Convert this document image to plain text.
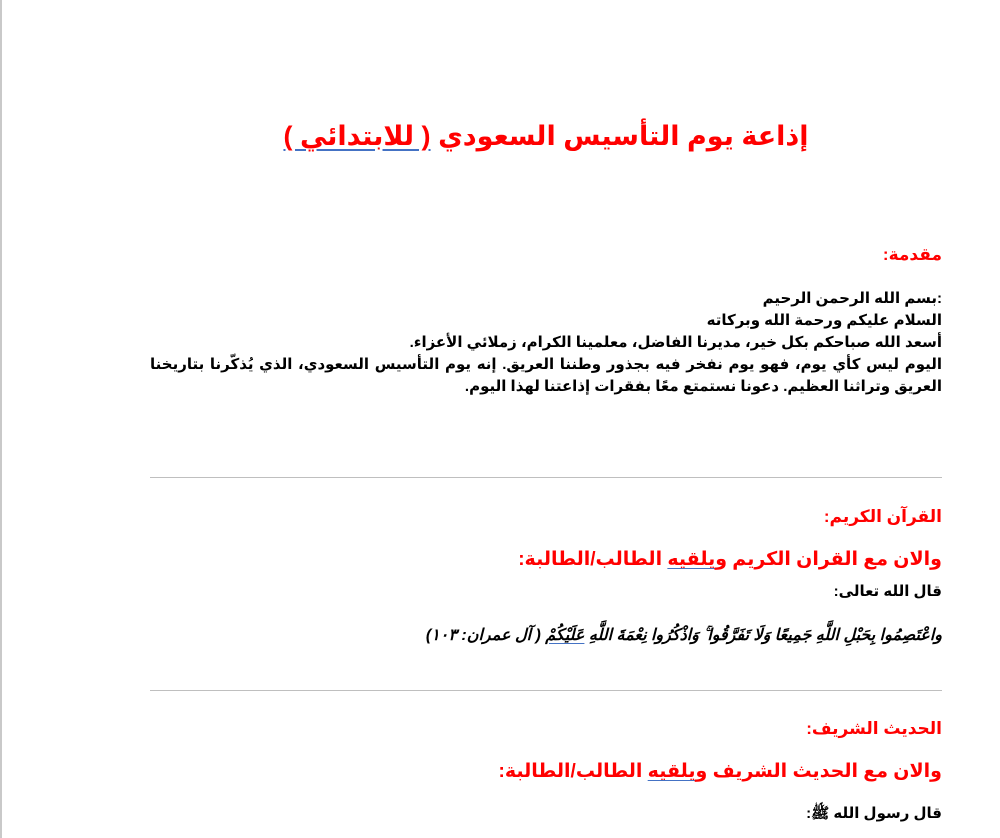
إذاعة يوم التأسيس السعودي ( للابتدائي )
مقدمة:
:بسم الله الرحمن الرحيم
السلام عليكم ورحمة الله وبركاته
أسعد الله صباحكم بكل خير، مديرنا الفاضل، معلمينا الكرام، زملائي الأعزاء.
اليوم ليس كأي يوم، فهو يوم نفخر فيه بجذور وطننا العريق. إنه يوم التأسيس السعودي، الذي يُذكّرنا بتاريخنا العريق وتراثنا العظيم. دعونا نستمتع معًا بفقرات إذاعتنا لهذا اليوم.
القرآن الكريم:
والان مع القران الكريم ويلقيه الطالب/الطالبة:

قال الله تعالى:

واعْتَصِمُوا بِحَبْلِ اللَّهِ جَمِيعًا وَلَا تَفَرَّقُوا ۚ وَاذْكُرُوا نِعْمَةَ اللَّهِ عَلَيْكُمْ ( آل عمران: ١٠٣)

الحديث الشريف:
والان مع الحديث الشريف ويلقيه الطالب/الطالبة:

قال رسول الله ﷺ:
